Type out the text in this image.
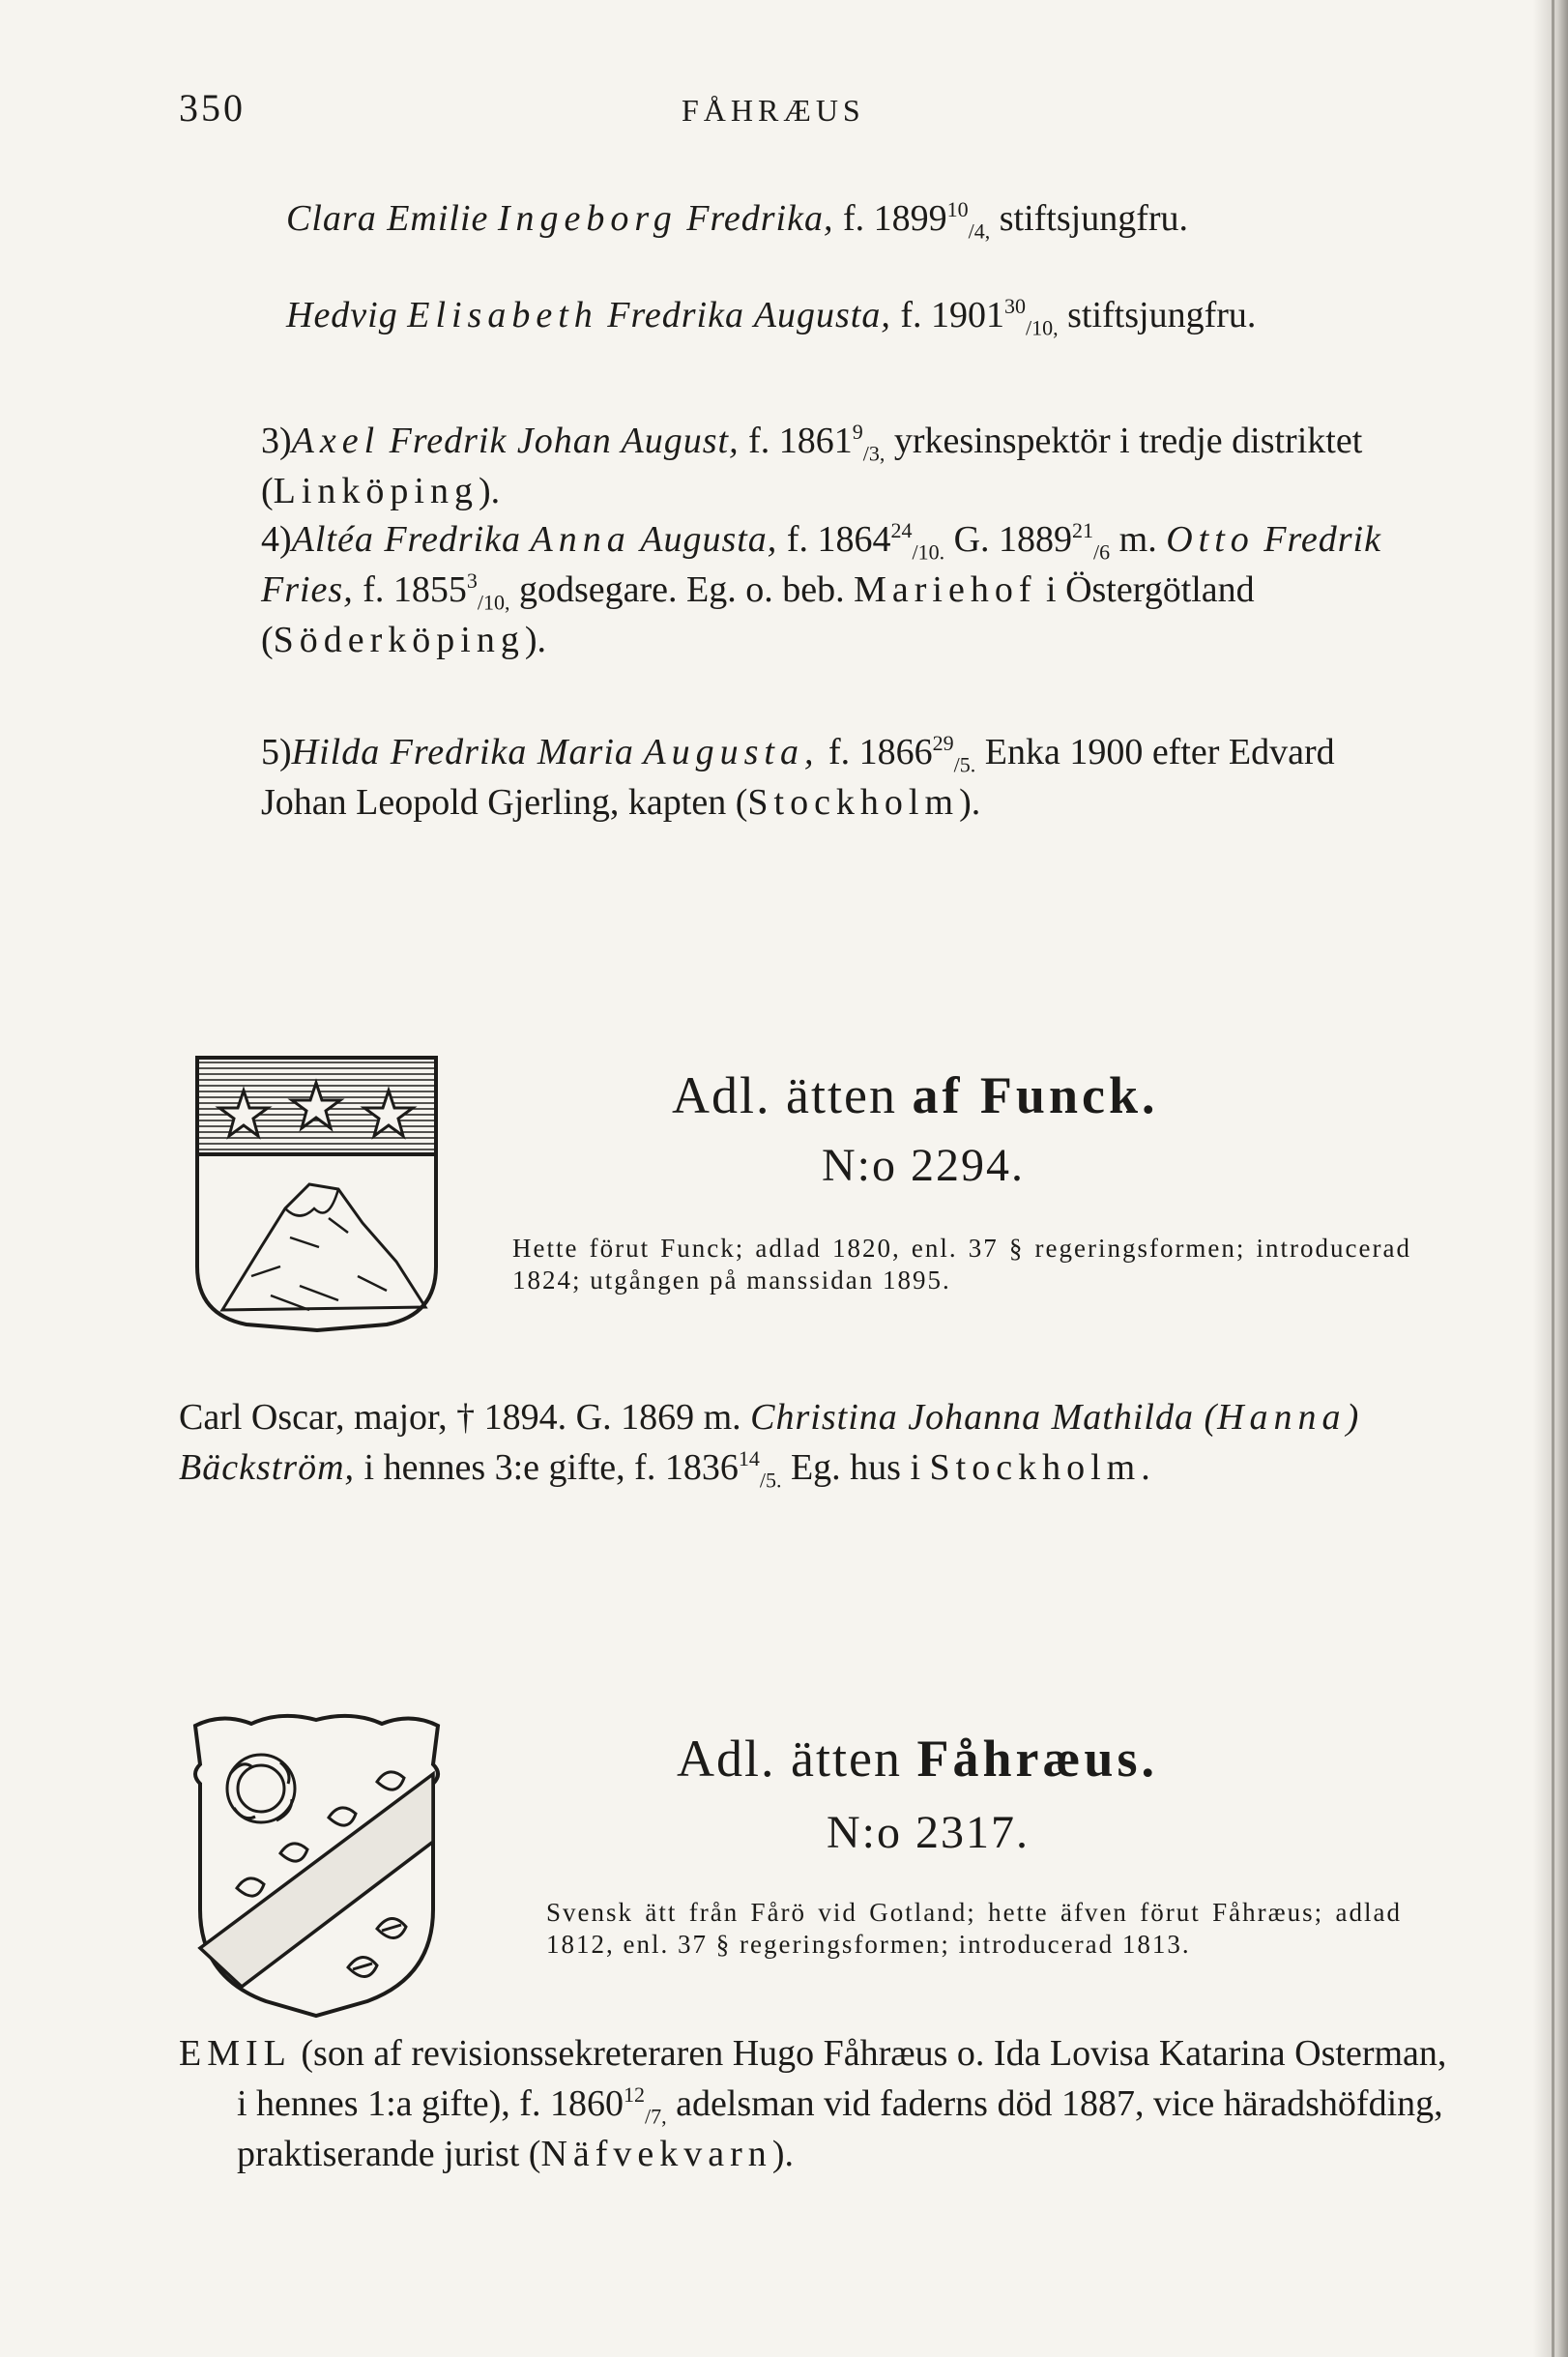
350	FÅHRÆUS

Clara Emilie Ingeborg Fredrika, f. $1899^{10}_{/4,}$ stiftsjungfru.

Hedvig Elisabeth Fredrika Augusta, f. $1901^{30}_{/10,}$ stiftsjungfru.

3)Axel Fredrik Johan August, f. $1861^9_{/3,}$ yrkesinspektör i tredje distriktet (Linköping).

4)Altéa Fredrika Anna Augusta, f. $1864^{24}_{/10.}$ G. $1889^{21}_{/6}$ m. Otto Fredrik Fries, f. $1855^3_{/10,}$ godsegare. Eg. o. beb. Mariehof i Östergötland (Söderköping).

5)Hilda Fredrika Maria Augusta, f. $1866^{29}_{/5.}$ Enka 1900 efter Edvard Johan Leopold Gjerling, kapten (Stockholm).

Adl. ätten af Funck.
N:o 2294.

Hette förut Funck; adlad 1820, enl. 37 § regeringsformen; introducerad 1824; utgången på manssidan 1895.

Carl Oscar, major, † 1894. G. 1869 m. Christina Johanna Mathilda (Hanna) Bäckström, i hennes 3:e gifte, f. $1836^{14}_{/5.}$ Eg. hus i Stockholm.

Adl. ätten Fåhræus.
N:o 2317.

Svensk ätt från Fårö vid Gotland; hette äfven förut Fåhræus; adlad 1812, enl. 37 § regeringsformen; introducerad 1813.

EMIL (son af revisionssekreteraren Hugo Fåhræus o. Ida Lovisa Katarina Osterman, i hennes 1:a gifte), f. $1860^{12}_{/7,}$ adelsman vid faderns död 1887, vice häradshöfding, praktiserande jurist (Näfvekvarn).
